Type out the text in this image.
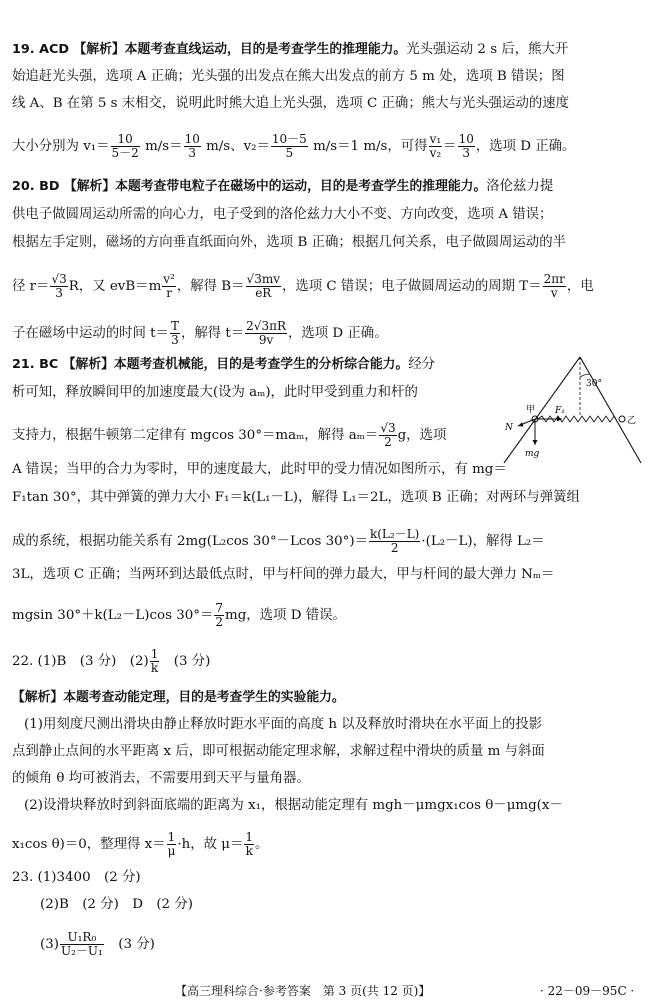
19. ACD 【解析】本题考查直线运动，目的是考查学生的推理能力。光头强运动 2 s 后，熊大开
始追赶光头强，选项 A 正确；光头强的出发点在熊大出发点的前方 5 m 处，选项 B 错误；图
线 A、B 在第 5 s 末相交，说明此时熊大追上光头强，选项 C 正确；熊大与光头强运动的速度
大小分别为 $v_1= \frac{10}{5-2} m/s= \frac{10}{3} m/s$、$v_2= \frac{10-5}{5} m/s=1$ m/s，可得 $\frac{\text{v₁}}{\text{v₂}} = \frac{10}{3}$ ，选项 D 正确。
20. BD 【解析】本题考查带电粒子在磁场中的运动，目的是考查学生的推理能力。洛伦兹力提
供电子做圆周运动所需的向心力，电子受到的洛伦兹力大小不变、方向改变，选项 A 错误；
根据左手定则，磁场的方向垂直纸面向外，选项 B 正确；根据几何关系，电子做圆周运动的半
径 $r= \frac{√3}{3}$ R，又 $evB=m \frac{\text{v²}}{r}$ ，解得 $B= \frac{√3mv}{eR}$ ，选项 C 错误；电子做圆周运动的周期 $T= \frac{2\pi r}{v}$ ，电
子在磁场中运动的时间 $t= \frac{T}{3}$ ，解得 $t= \frac{2√3\pi R}{9v}$ ，选项 D 正确。
21. BC 【解析】本题考查机械能，目的是考查学生的分析综合能力。经分
析可知，释放瞬间甲的加速度最大(设为 aₘ)，此时甲受到重力和杆的
支持力，根据牛顿第二定律有 mgcos 30°＝maₘ，解得 $a_m= \frac{√3}{2}$ g，选项
A 错误；当甲的合力为零时，甲的速度最大，此时甲的受力情况如图所示，有 mg＝
F₁tan 30°，其中弹簧的弹力大小 F₁＝k(L₁－L)，解得 L₁＝2L，选项 B 正确；对两环与弹簧组
成的系统，根据功能关系有 2mg(L₂cos 30°－Lcos $30^\circ)= \frac{\text{k(L₂－L)}}{2} \cdot(L_2-L)$，解得 L₂＝
3L，选项 C 正确；当两环到达最低点时，甲与杆间的弹力最大，甲与杆间的最大弹力 Nₘ＝
mgsin 30°＋k(L₂－L)cos $30^\circ= \frac{7}{2}$ mg，选项 D 错误。
30°
甲
乙
F₁
N
mg
22. (1)B　(3 分)　$(2) \frac{1}{k}$ 　(3 分)
【解析】本题考查动能定理，目的是考查学生的实验能力。
(1)用刻度尺测出滑块由静止释放时距水平面的高度 h 以及释放时滑块在水平面上的投影
点到静止点间的水平距离 x 后，即可根据动能定理求解，求解过程中滑块的质量 m 与斜面
的倾角 θ 均可被消去，不需要用到天平与量角器。
(2)设滑块释放时到斜面底端的距离为 x₁，根据动能定理有 mgh－μmgx₁cos θ－μmg(x－
x₁cos θ)＝0，整理得 $x= \frac{1}{\mu} \cdot h$，故 $\mu= \frac{1}{k}$ 。
23. (1)3400　(2 分)
(2)B　(2 分)　D　(2 分)
$(3) \frac{\text{U₁R₀}}{\text{U₂－U₁}}$ 　(3 分)
【高三理科综合·参考答案　第 3 页(共 12 页)】	· 22－09－95C ·
